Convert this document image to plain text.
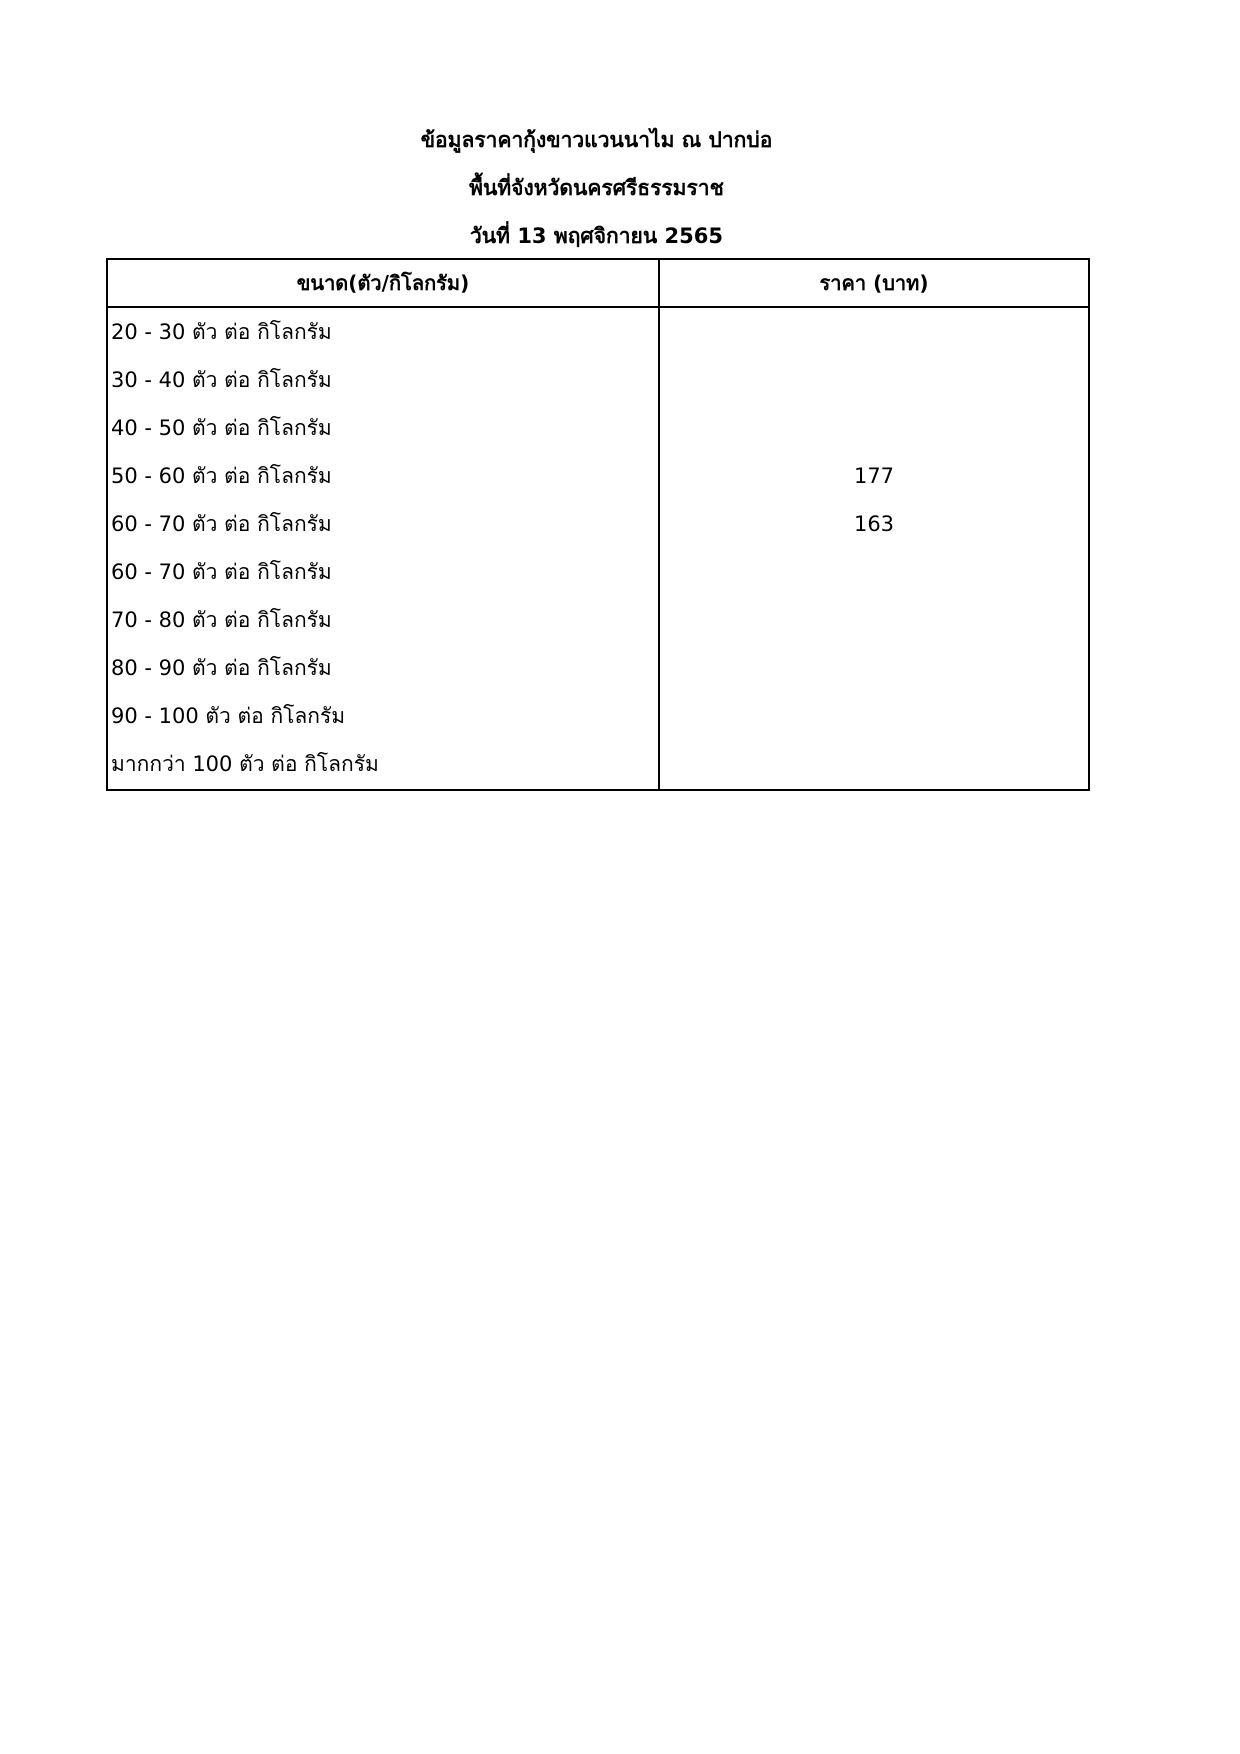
ข้อมูลราคากุ้งขาวแวนนาไม ณ ปากบ่อ
พื้นที่จังหวัดนครศรีธรรมราช
วันที่ 13 พฤศจิกายน 2565
ขนาด(ตัว/กิโลกรัม)	ราคา (บาท)
20 - 30 ตัว ต่อ กิโลกรัม	
30 - 40 ตัว ต่อ กิโลกรัม	
40 - 50 ตัว ต่อ กิโลกรัม	
50 - 60 ตัว ต่อ กิโลกรัม	177
60 - 70 ตัว ต่อ กิโลกรัม	163
60 - 70 ตัว ต่อ กิโลกรัม	
70 - 80 ตัว ต่อ กิโลกรัม	
80 - 90 ตัว ต่อ กิโลกรัม	
90 - 100 ตัว ต่อ กิโลกรัม	
มากกว่า 100 ตัว ต่อ กิโลกรัม	
